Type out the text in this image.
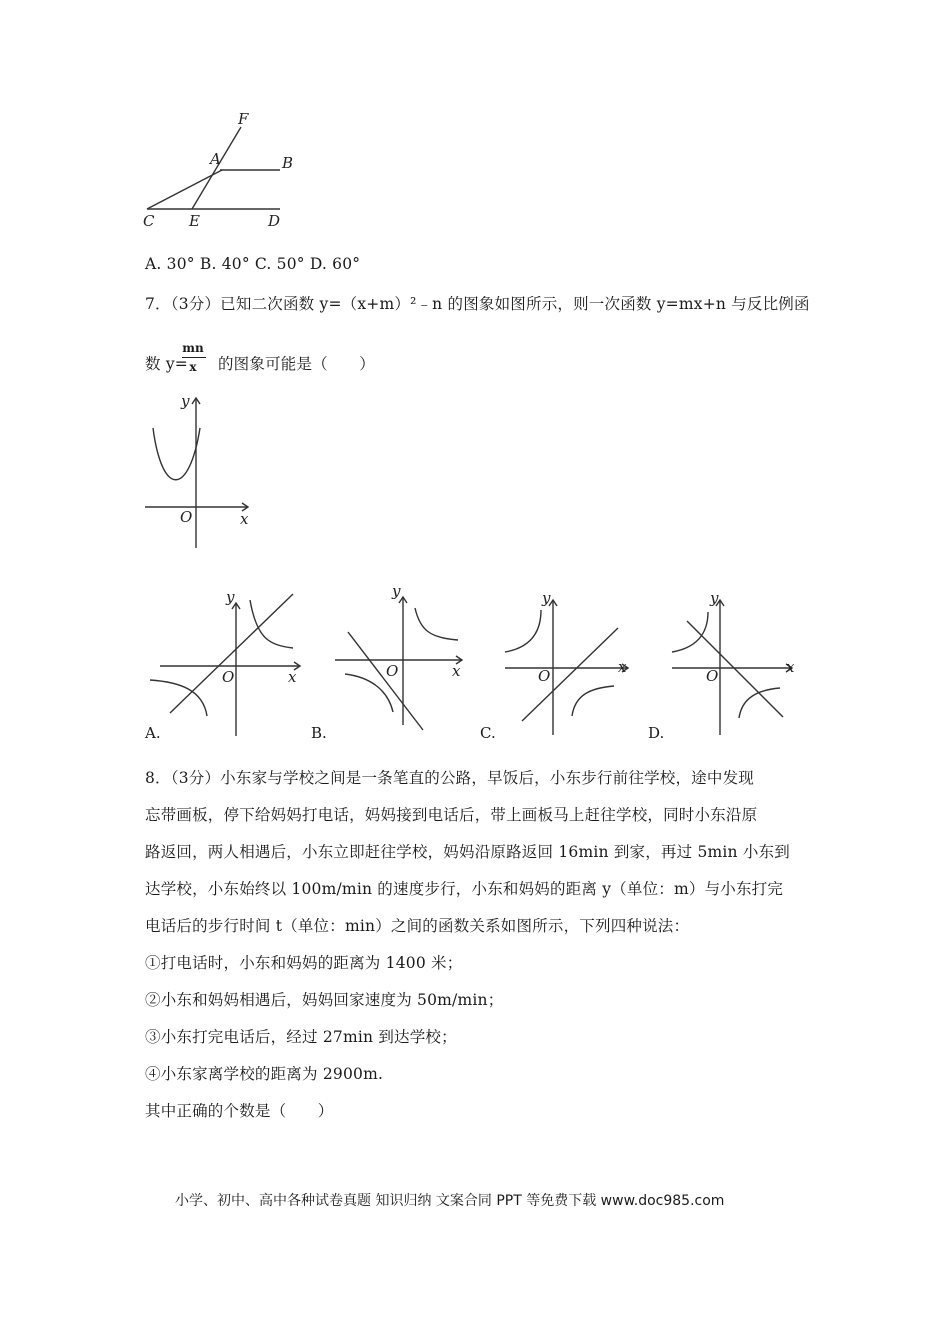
F
A	B
C E	D
A. 30° B. 40° C. 50° D. 60°
7．（3分）已知二次函数 y=（x+m）²﹣n 的图象如图所示，则一次函数 y=mx+n 与反比例函
数 y= 的图象可能是（　　）
mn
x
y
x
O
y
x
O
y
x
O
y
x
O
y
x
O
A.	B.	C.	D.
8．（3分）小东家与学校之间是一条笔直的公路，早饭后，小东步行前往学校，途中发现
忘带画板，停下给妈妈打电话，妈妈接到电话后，带上画板马上赶往学校，同时小东沿原
路返回，两人相遇后，小东立即赶往学校，妈妈沿原路返回 16min 到家，再过 5min 小东到
达学校，小东始终以 100m/min 的速度步行，小东和妈妈的距离 y（单位：m）与小东打完
电话后的步行时间 t（单位：min）之间的函数关系如图所示，下列四种说法：
①打电话时，小东和妈妈的距离为 1400 米；
②小东和妈妈相遇后，妈妈回家速度为 50m/min；
③小东打完电话后，经过 27min 到达学校；
④小东家离学校的距离为 2900m.
其中正确的个数是（　　）
小学、初中、高中各种试卷真题 知识归纳 文案合同 PPT 等免费下载 www.doc985.com
